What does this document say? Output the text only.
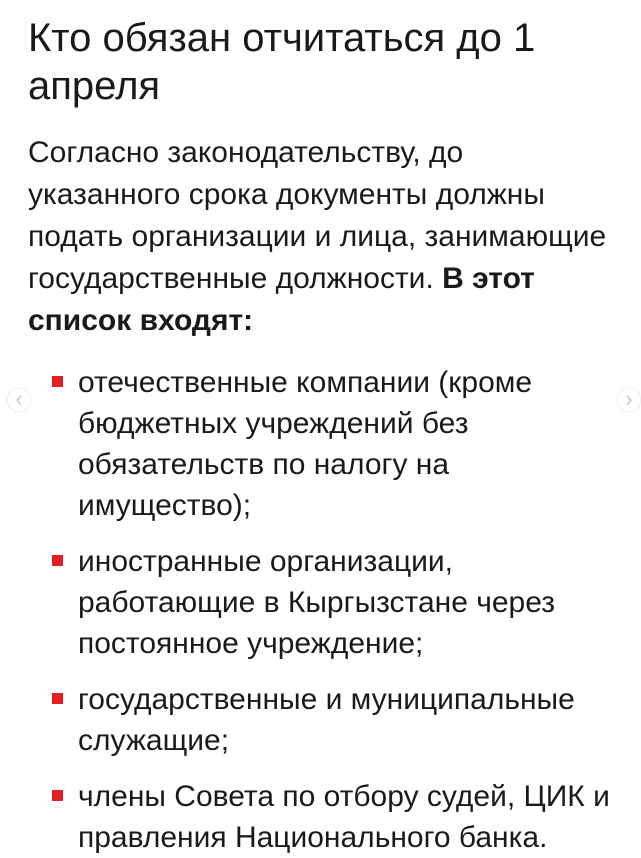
‹	›
Кто обязан отчитаться до 1 апреля

Согласно законодательству, до указанного срока документы должны подать организации и лица, занимающие государственные должности. В этот список входят:

отечественные компании (кроме бюджетных учреждений без обязательств по налогу на имущество);
иностранные организации, работающие в Кыргызстане через постоянное учреждение;
государственные и муниципальные служащие;
члены Совета по отбору судей, ЦИК и правления Национального банка.
